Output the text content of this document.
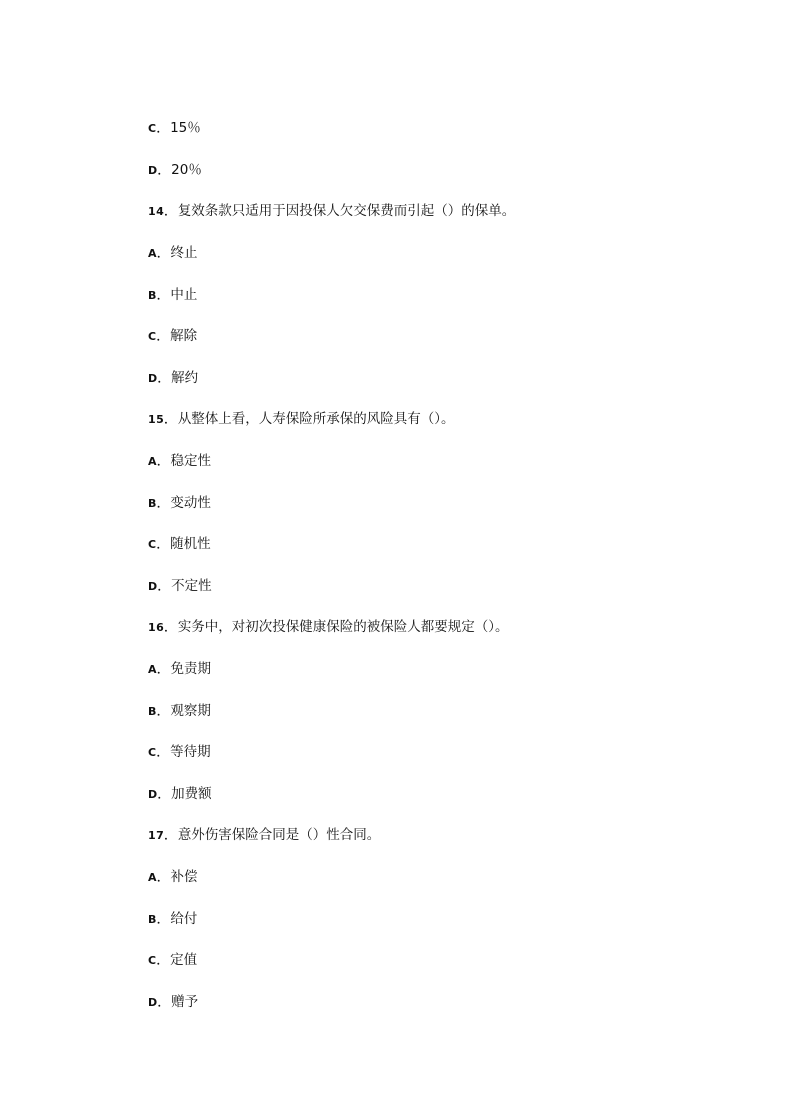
C． 15％
D． 20％
14． 复效条款只适用于因投保人欠交保费而引起（）的保单。
A． 终止
B． 中止
C． 解除
D． 解约
15． 从整体上看，人寿保险所承保的风险具有（）。
A． 稳定性
B． 变动性
C． 随机性
D． 不定性
16． 实务中，对初次投保健康保险的被保险人都要规定（）。
A． 免责期
B． 观察期
C． 等待期
D． 加费额
17． 意外伤害保险合同是（）性合同。
A． 补偿
B． 给付
C． 定值
D． 赠予
